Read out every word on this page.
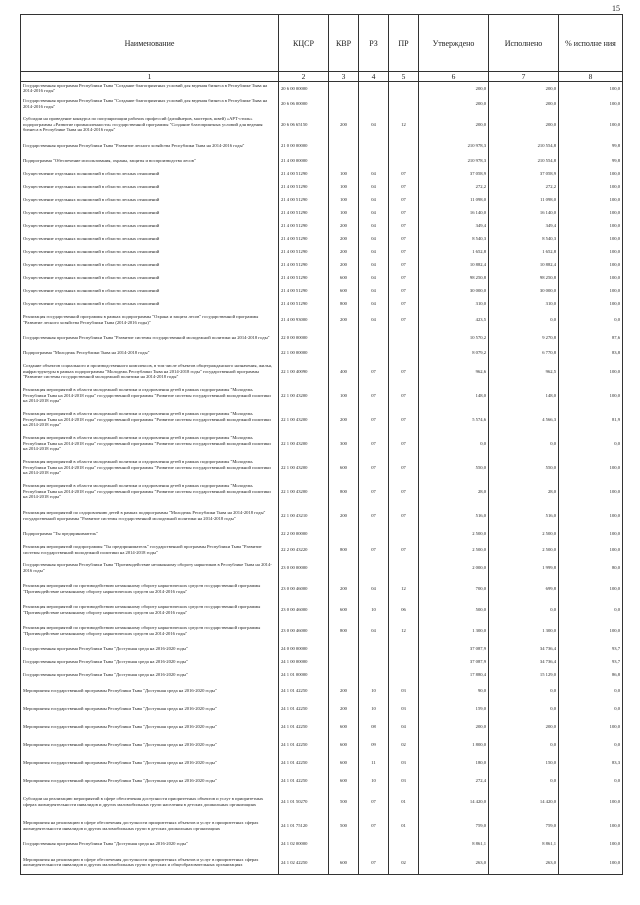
15
Наименование	КЦСР	КВР	РЗ	ПР	Утверждено	Исполнено	% исполне ния
1	2	3	4	5	6	7	8
Государственная программа Республики Тыва "Создание благоприятных условий для ведения бизнеса в Республике Тыва на 2014-2016 годы"	20 6 00 00000				200,0	200,0	100,0
Государственная программа Республики Тыва "Создание благоприятных условий для ведения бизнеса в Республике Тыва на 2014-2016 годы"	20 6 06 00000				200,0	200,0	100,0
Субсидии на проведение конкурса по популяризации рабочих профессий (дизайнеров, мастеров, швей) «АРТ-стиль» подпрограммы «Развитие промышленности» государственной программы "Создание благоприятных условий для ведения бизнеса в Республике Тыва на 2014-2016 годы"	20 6 06 65150	200	04	12	200,0	200,0	100,0
Государственная программа Республики Тыва "Развитие лесного хозяйства Республики Тыва на 2014-2016 годы"	21 0 00 00000				210 978,3	210 554,8	99,8
Подпрограмма "Обеспечение использования, охраны, защиты и воспроизводства лесов"	21 4 00 00000				210 978,3	210 554,8	99,8
Осуществление отдельных полномочий в области лесных отношений	21 4 00 51290	100	04	07	37 058,9	37 058,9	100,0
Осуществление отдельных полномочий в области лесных отношений	21 4 00 51290	100	04	07	272,2	272,2	100,0
Осуществление отдельных полномочий в области лесных отношений	21 4 00 51290	100	04	07	11 098,0	11 098,0	100,0
Осуществление отдельных полномочий в области лесных отношений	21 4 00 51290	100	04	07	16 140,0	16 140,0	100,0
Осуществление отдельных полномочий в области лесных отношений	21 4 00 51290	200	04	07	349,4	349,4	100,0
Осуществление отдельных полномочий в области лесных отношений	21 4 00 51290	200	04	07	8 540,3	8 540,3	100,0
Осуществление отдельных полномочий в области лесных отношений	21 4 00 51290	200	04	07	1 652,8	1 652,8	100,0
Осуществление отдельных полномочий в области лесных отношений	21 4 00 51290	200	04	07	10 882,4	10 882,4	100,0
Осуществление отдельных полномочий в области лесных отношений	21 4 00 51290	600	04	07	98 250,8	98 250,8	100,0
Осуществление отдельных полномочий в области лесных отношений	21 4 00 51290	600	04	07	30 000,0	30 000,0	100,0
Осуществление отдельных полномочий в области лесных отношений	21 4 00 51290	800	04	07	310,0	310,0	100,0
Реализация государственной программы в рамках подпрограммы "Охрана и защита лесов" государственной программы "Развитие лесного хозяйства Республики Тыва (2014-2016 годы)"	21 4 00 93000	200	04	07	423,5	0,0	0,0
Государственная программа Республики Тыва "Развитие системы государственной молодежной политики на 2014-2018 годы"	22 0 00 00000				10 570,2	9 270,8	87,6
Подпрограмма "Молодежь Республики Тыва на 2014-2018 годы"	22 1 00 00000				8 079,2	6 770,8	83,8
Создание объектов социального и производственного комплексов, в том числе объектов общегражданского назначения, жилья, инфраструктуры в рамках подпрограммы "Молодежь Республики Тыва на 2014-2018 годы" государственной программы "Развитие системы государственной молодежной политики на 2014-2018 годы"	22 1 00 40090	400	07	07	962,6	962,5	100,0
Реализация мероприятий в области молодежной политики и оздоровления детей в рамках подпрограммы "Молодежь Республики Тыва на 2014-2018 годы" государственной программы "Развитие системы государственной молодежной политики на 2014-2018 годы"	22 1 00 43200	100	07	07	148,0	148,0	100,0
Реализация мероприятий в области молодежной политики и оздоровления детей в рамках подпрограммы "Молодежь Республики Тыва на 2014-2018 годы" государственной программы "Развитие системы государственной молодежной политики на 2014-2018 годы"	22 1 00 43200	200	07	07	5 574,6	4 566,3	81,9
Реализация мероприятий в области молодежной политики и оздоровления детей в рамках подпрограммы "Молодежь Республики Тыва на 2014-2018 годы" государственной программы "Развитие системы государственной молодежной политики на 2014-2018 годы"	22 1 00 43200	300	07	07	0,0	0,0	0,0
Реализация мероприятий в области молодежной политики и оздоровления детей в рамках подпрограммы "Молодежь Республики Тыва на 2014-2018 годы" государственной программы "Развитие системы государственной молодежной политики на 2014-2018 годы"	22 1 00 43200	600	07	07	550,0	550,0	100,0
Реализация мероприятий в области молодежной политики и оздоровления детей в рамках подпрограммы "Молодежь Республики Тыва на 2014-2018 годы" государственной программы "Развитие системы государственной молодежной политики на 2014-2018 годы"	22 1 00 43200	800	07	07	28,0	28,0	100,0
Реализация мероприятий по оздоровлению детей в рамках подпрограммы "Молодежь Республики Тыва на 2014-2018 годы" государственной программы "Развитие системы государственной молодежной политики на 2014-2018 годы"	22 1 00 43210	200	07	07	516,0	516,0	100,0
Подпрограмма "Ты предприниматель"	22 2 00 00000				2 500,0	2 500,0	100,0
Реализация мероприятий подпрограммы "Ты предприниматель" государственной программы Республики Тыва "Развитие системы государственной молодежной политики на 2014-2018 годы"	22 2 00 43220	800	07	07	2 500,0	2 500,0	100,0
Государственная программа Республики Тыва "Противодействие незаконному обороту наркотиков в Республике Тыва на 2014-2016 годы"	23 0 00 00000				2 000,0	1 999,8	80,0
Реализация мероприятий по противодействию незаконному обороту наркотических средств государственной программы "Противодействие незаконному обороту наркотических средств на 2014-2016 годы"	23 0 00 46000	200	04	12	700,0	699,8	100,0
Реализация мероприятий по противодействию незаконному обороту наркотических средств государственной программы "Противодействие незаконному обороту наркотических средств на 2014-2016 годы"	23 0 00 46000	600	10	06	500,0	0,0	0,0
Реализация мероприятий по противодействию незаконному обороту наркотических средств государственной программы "Противодействие незаконному обороту наркотических средств на 2014-2016 годы"	23 0 00 46000	800	04	12	1 300,0	1 300,0	100,0
Государственная программа Республики Тыва "Доступная среда на 2016-2020 годы"	24 0 00 00000				37 087,9	34 736,4	93,7
Государственная программа Республики Тыва "Доступная среда на 2016-2020 годы"	24 1 00 00000				37 087,9	34 736,4	93,7
Государственная программа Республики Тыва "Доступная среда на 2016-2020 годы"	24 1 01 00000				17 880,4	15 129,0	86,8
Мероприятия государственной программы Республики Тыва "Доступная среда на 2016-2020 годы"	24 1 01 42250	200	10	03	90,0	0,0	0,0
Мероприятия государственной программы Республики Тыва "Доступная среда на 2016-2020 годы"	24 1 01 42250	200	10	03	159,0	0,0	0,0
Мероприятия государственной программы Республики Тыва "Доступная среда на 2016-2020 годы"	24 1 01 42250	600	08	04	200,0	200,0	100,0
Мероприятия государственной программы Республики Тыва "Доступная среда на 2016-2020 годы"	24 1 01 42250	600	09	02	1 800,0	0,0	0,0
Мероприятия государственной программы Республики Тыва "Доступная среда на 2016-2020 годы"	24 1 01 42250	600	11	03	180,0	150,0	83,3
Мероприятия государственной программы Республики Тыва "Доступная среда на 2016-2020 годы"	24 1 01 42250	600	10	03	272,4	0,0	0,0
Субсидии на реализацию мероприятий в сфере обеспечения доступности приоритетных объектов и услуг в приоритетных сферах жизнедеятельности инвалидов и других маломобильных групп населения в детских дошкольных организациях	24 1 01 50270	500	07	01	14 420,0	14 420,0	100,0
Мероприятия на реализацию в сфере обеспечения доступности приоритетных объектов и услуг в приоритетных сферах жизнедеятельности инвалидов и других маломобильных групп в детских дошкольных организациях	24 1 01 75120	500	07	01	759,0	759,0	100,0
Государственная программа Республики Тыва "Доступная среда на 2016-2020 годы"	24 1 02 00000				8 861,1	8 861,1	100,0
Мероприятия на реализацию в сфере обеспечения доступности приоритетных объектов и услуг в приоритетных сферах жизнедеятельности инвалидов и других маломобильных групп в детских и общеобразовательных организациях	24 1 02 42250	600	07	02	263,0	263,0	100,0
